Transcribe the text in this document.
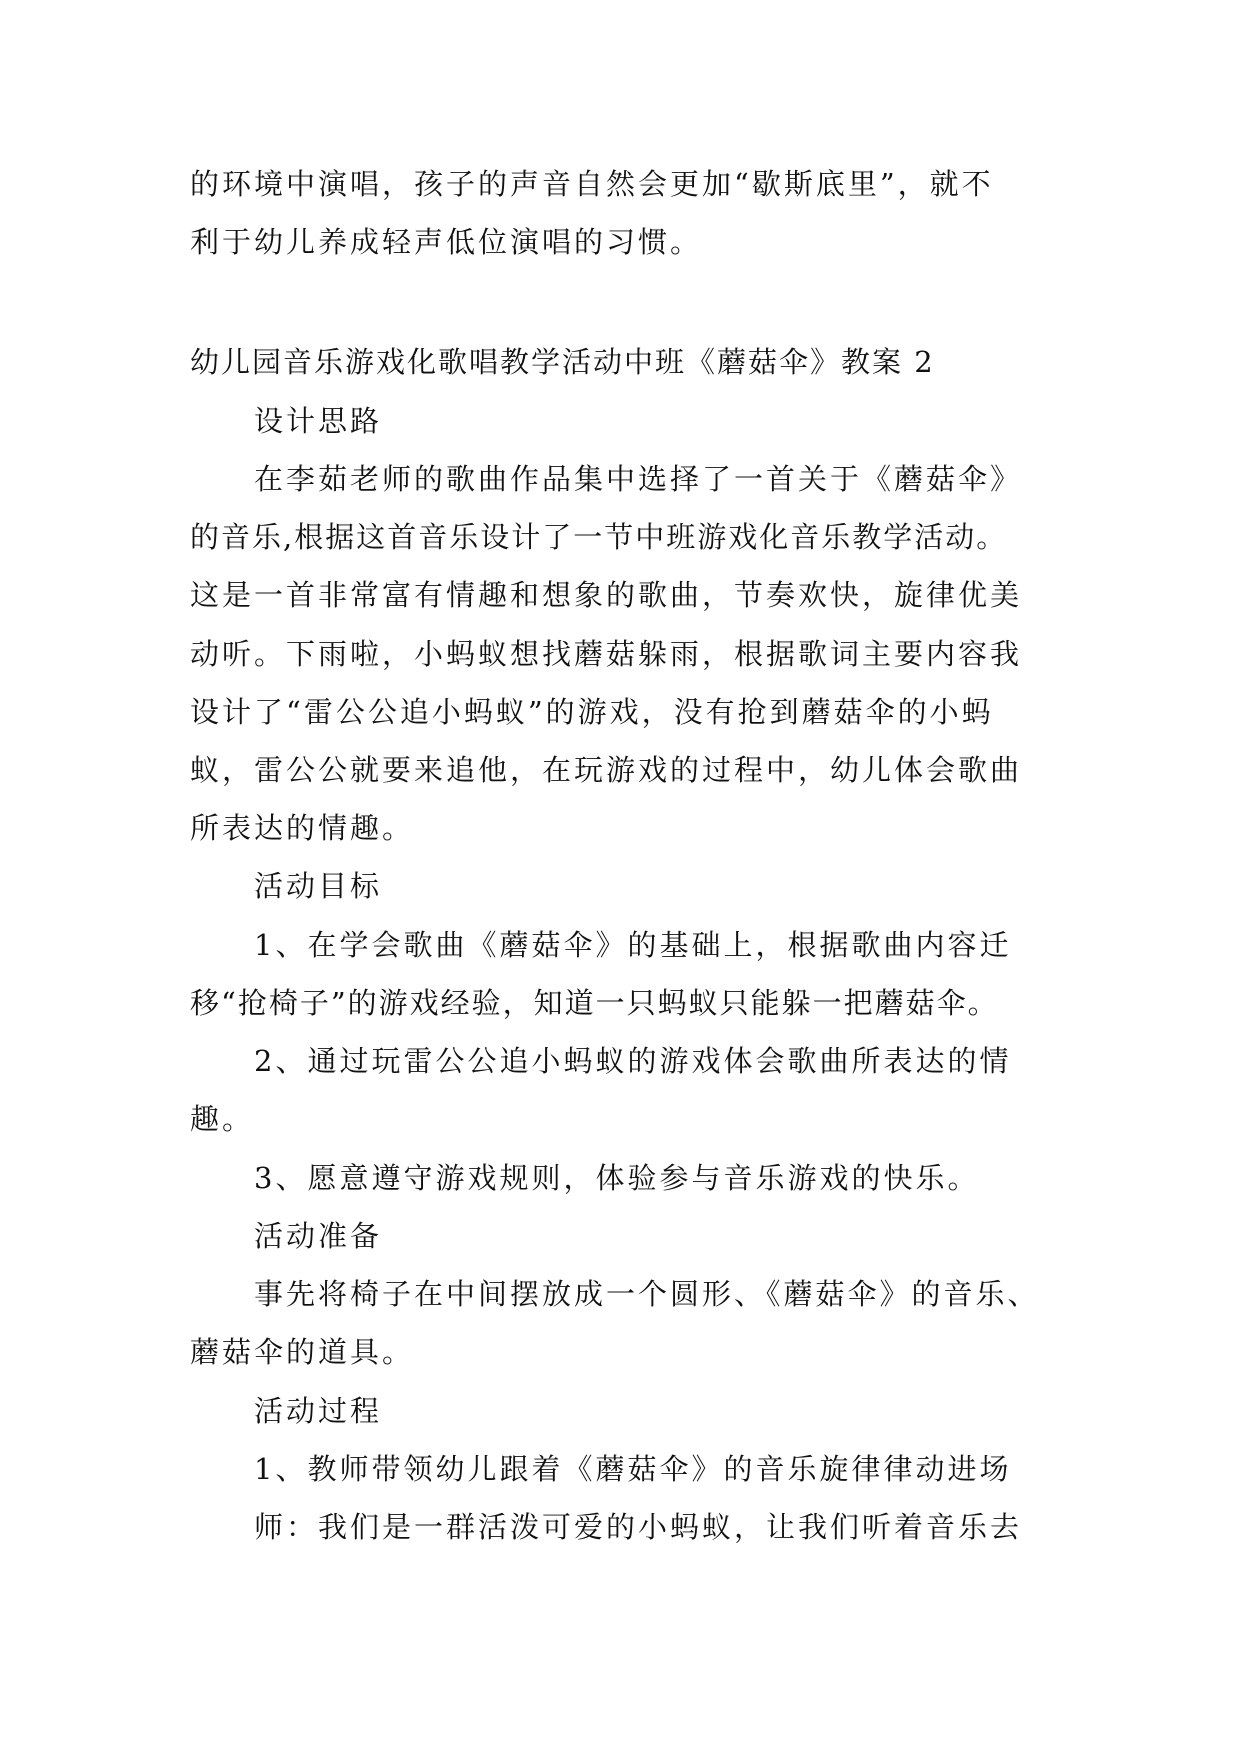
的环境中演唱，孩子的声音自然会更加“歇斯底里”，就不
利于幼儿养成轻声低位演唱的习惯。
幼儿园音乐游戏化歌唱教学活动中班《蘑菇伞》教案 2
设计思路
在李茹老师的歌曲作品集中选择了一首关于《蘑菇伞》
的音乐,根据这首音乐设计了一节中班游戏化音乐教学活动。
这是一首非常富有情趣和想象的歌曲，节奏欢快，旋律优美
动听。下雨啦，小蚂蚁想找蘑菇躲雨，根据歌词主要内容我
设计了“雷公公追小蚂蚁”的游戏，没有抢到蘑菇伞的小蚂
蚁，雷公公就要来追他，在玩游戏的过程中，幼儿体会歌曲
所表达的情趣。
活动目标
1、在学会歌曲《蘑菇伞》的基础上，根据歌曲内容迁
移“抢椅子”的游戏经验，知道一只蚂蚁只能躲一把蘑菇伞。
2、通过玩雷公公追小蚂蚁的游戏体会歌曲所表达的情
趣。
3、愿意遵守游戏规则，体验参与音乐游戏的快乐。
活动准备
事先将椅子在中间摆放成一个圆形、《蘑菇伞》的音乐、
蘑菇伞的道具。
活动过程
1、教师带领幼儿跟着《蘑菇伞》的音乐旋律律动进场
师：我们是一群活泼可爱的小蚂蚁，让我们听着音乐去
